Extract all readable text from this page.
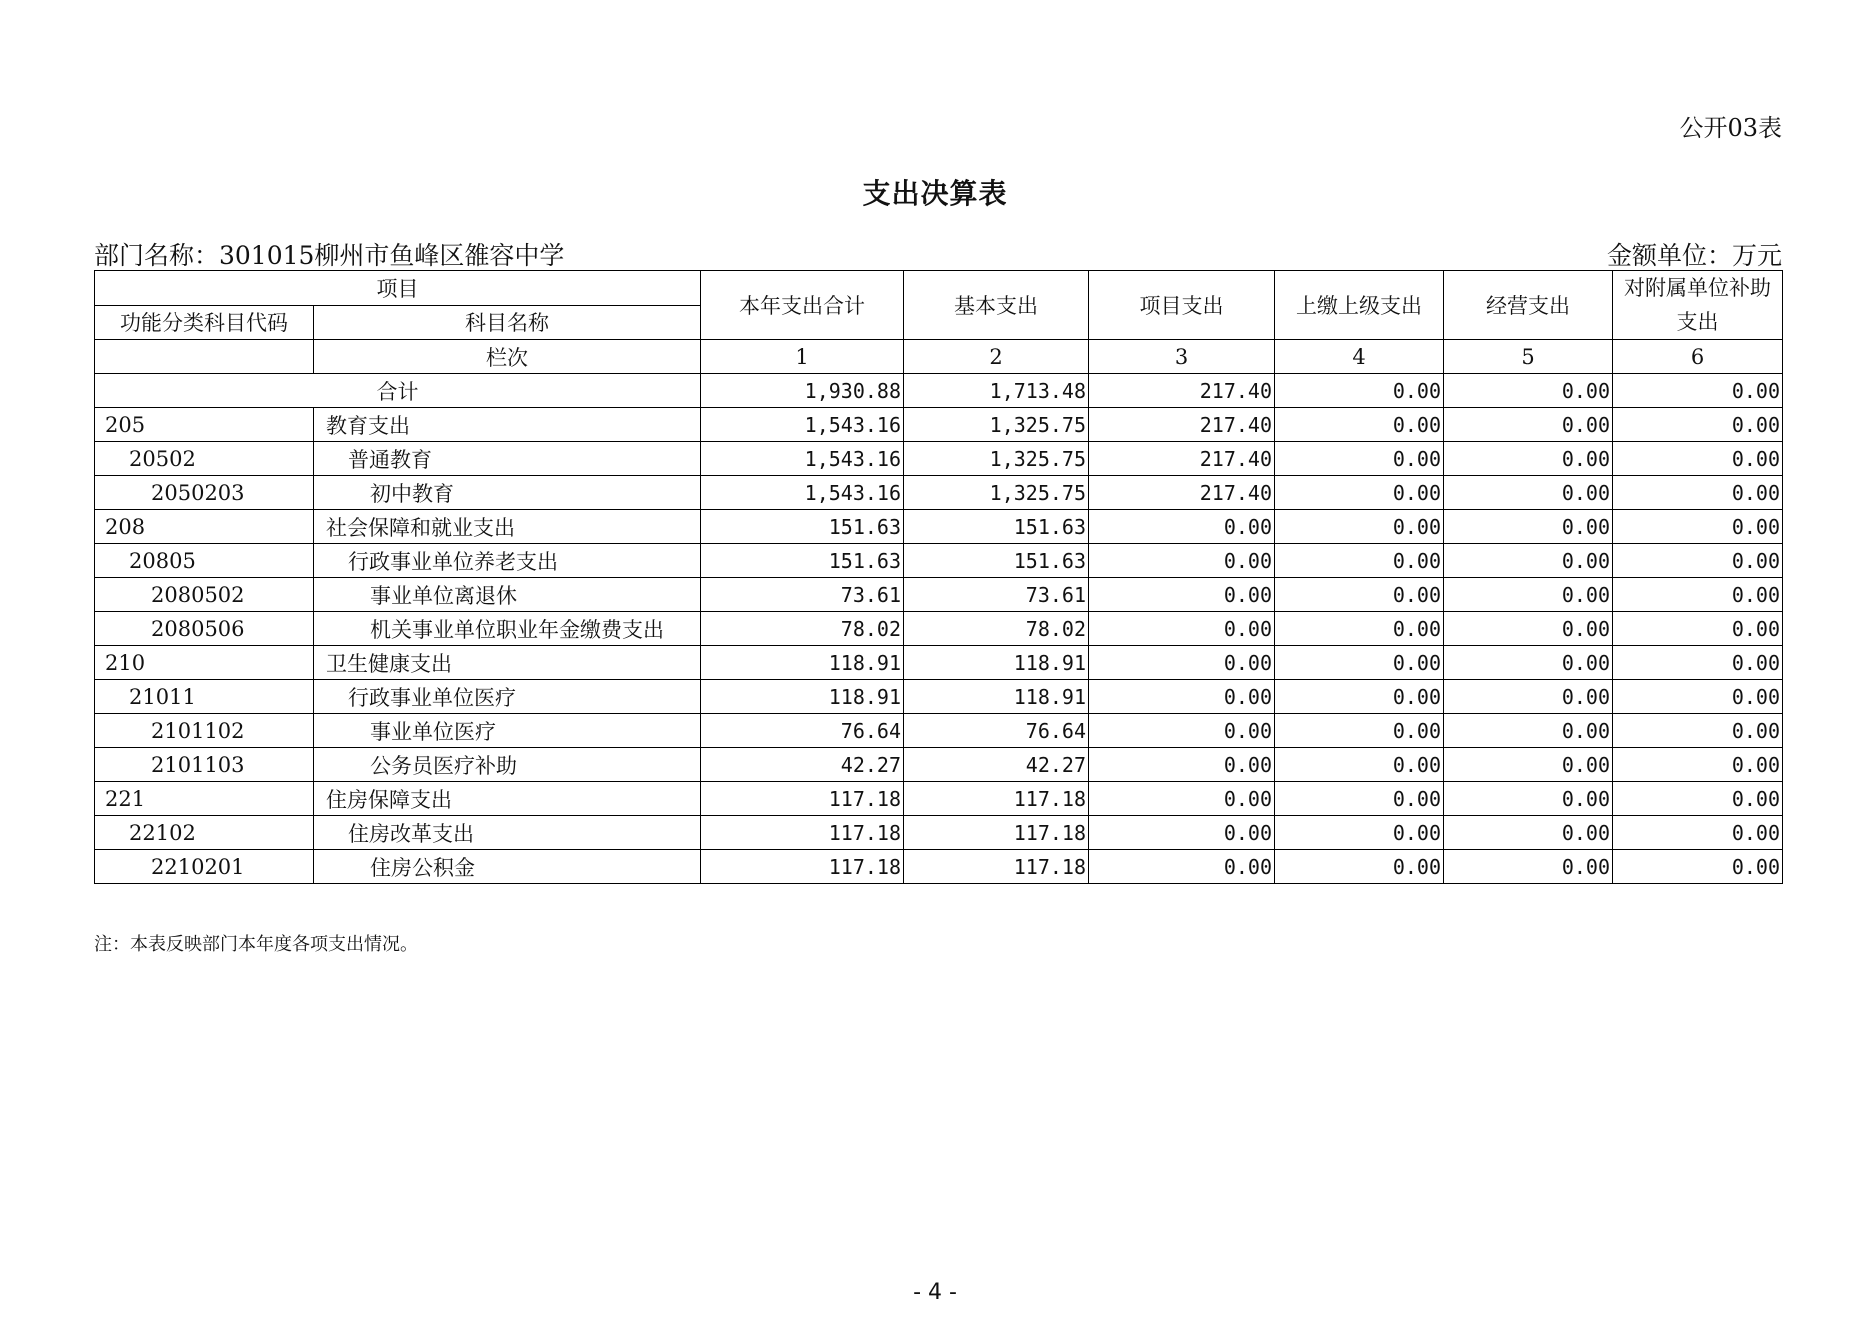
公开03表
支出决算表
部门名称：301015柳州市鱼峰区雒容中学	金额单位：万元
项目		本年支出合计	基本支出	项目支出	上缴上级支出	经营支出	对附属单位补助支出
功能分类科目代码	科目名称						
	栏次	1	2	3	4	5	6
合计		1,930.88	1,713.48	217.40	0.00	0.00	0.00
205	教育支出	1,543.16	1,325.75	217.40	0.00	0.00	0.00
20502	普通教育	1,543.16	1,325.75	217.40	0.00	0.00	0.00
2050203	初中教育	1,543.16	1,325.75	217.40	0.00	0.00	0.00
208	社会保障和就业支出	151.63	151.63	0.00	0.00	0.00	0.00
20805	行政事业单位养老支出	151.63	151.63	0.00	0.00	0.00	0.00
2080502	事业单位离退休	73.61	73.61	0.00	0.00	0.00	0.00
2080506	机关事业单位职业年金缴费支出	78.02	78.02	0.00	0.00	0.00	0.00
210	卫生健康支出	118.91	118.91	0.00	0.00	0.00	0.00
21011	行政事业单位医疗	118.91	118.91	0.00	0.00	0.00	0.00
2101102	事业单位医疗	76.64	76.64	0.00	0.00	0.00	0.00
2101103	公务员医疗补助	42.27	42.27	0.00	0.00	0.00	0.00
221	住房保障支出	117.18	117.18	0.00	0.00	0.00	0.00
22102	住房改革支出	117.18	117.18	0.00	0.00	0.00	0.00
2210201	住房公积金	117.18	117.18	0.00	0.00	0.00	0.00
注：本表反映部门本年度各项支出情况。
- 4 -
